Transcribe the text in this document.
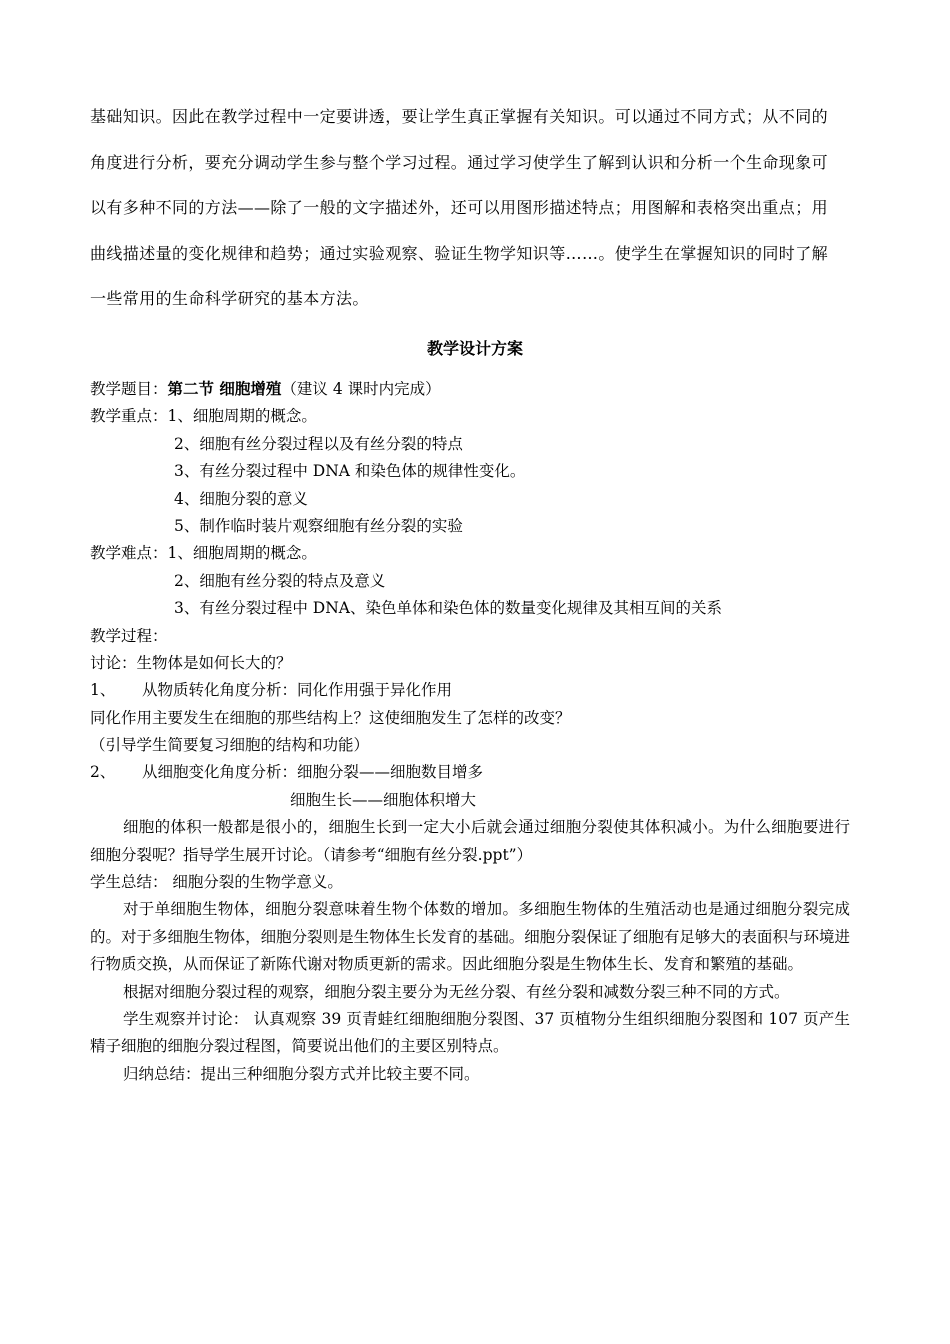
基础知识。因此在教学过程中一定要讲透，要让学生真正掌握有关知识。可以通过不同方式；从不同的

角度进行分析，要充分调动学生参与整个学习过程。通过学习使学生了解到认识和分析一个生命现象可

以有多种不同的方法——除了一般的文字描述外，还可以用图形描述特点；用图解和表格突出重点；用

曲线描述量的变化规律和趋势；通过实验观察、验证生物学知识等……。使学生在掌握知识的同时了解

一些常用的生命科学研究的基本方法。

教学设计方案
教学题目：第二节 细胞增殖（建议 4 课时内完成）
教学重点：1、细胞周期的概念。
2、细胞有丝分裂过程以及有丝分裂的特点
3、有丝分裂过程中 DNA 和染色体的规律性变化。
4、细胞分裂的意义
5、制作临时装片观察细胞有丝分裂的实验
教学难点：1、细胞周期的概念。
2、细胞有丝分裂的特点及意义
3、有丝分裂过程中 DNA、染色单体和染色体的数量变化规律及其相互间的关系
教学过程：
讨论：生物体是如何长大的？
1、 从物质转化角度分析：同化作用强于异化作用
同化作用主要发生在细胞的那些结构上？这使细胞发生了怎样的改变？
（引导学生简要复习细胞的结构和功能）
2、 从细胞变化角度分析：细胞分裂——细胞数目增多
细胞生长——细胞体积增大
细胞的体积一般都是很小的，细胞生长到一定大小后就会通过细胞分裂使其体积减小。为什么细胞要进行细胞分裂呢？指导学生展开讨论。（请参考“细胞有丝分裂.ppt”）
学生总结： 细胞分裂的生物学意义。
对于单细胞生物体，细胞分裂意味着生物个体数的增加。多细胞生物体的生殖活动也是通过细胞分裂完成的。对于多细胞生物体，细胞分裂则是生物体生长发育的基础。细胞分裂保证了细胞有足够大的表面积与环境进行物质交换，从而保证了新陈代谢对物质更新的需求。因此细胞分裂是生物体生长、发育和繁殖的基础。
根据对细胞分裂过程的观察，细胞分裂主要分为无丝分裂、有丝分裂和减数分裂三种不同的方式。
学生观察并讨论： 认真观察 39 页青蛙红细胞细胞分裂图、37 页植物分生组织细胞分裂图和 107 页产生精子细胞的细胞分裂过程图，简要说出他们的主要区别特点。
归纳总结：提出三种细胞分裂方式并比较主要不同。
